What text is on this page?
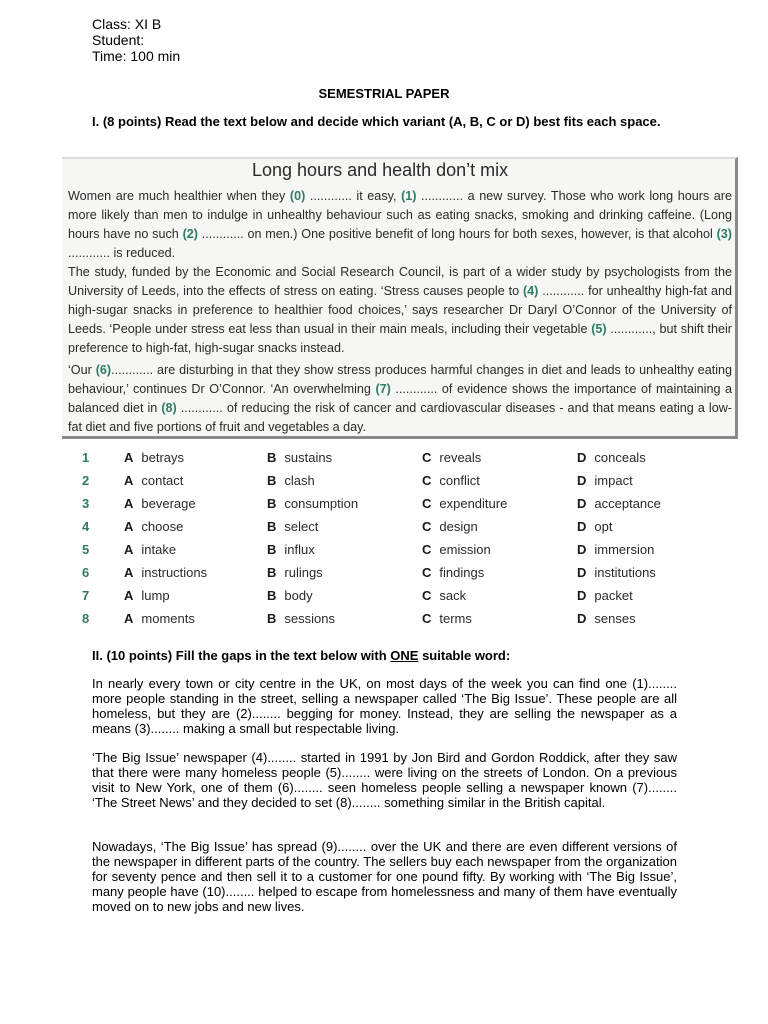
Class: XI B
Student:
Time: 100 min
SEMESTRIAL PAPER
I. (8 points) Read the text below and decide which variant (A, B, C or D) best fits each space.
Long hours and health don’t mix
Women are much healthier when they (0) ............ it easy, (1) ............ a new survey. Those who work long hours are more likely than men to indulge in unhealthy behaviour such as eating snacks, smoking and drinking caffeine. (Long hours have no such (2) ............ on men.) One positive benefit of long hours for both sexes, however, is that alcohol (3) ............ is reduced.
The study, funded by the Economic and Social Research Council, is part of a wider study by psychologists from the University of Leeds, into the effects of stress on eating. ‘Stress causes people to (4) ............ for unhealthy high-fat and high-sugar snacks in preference to healthier food choices,’ says researcher Dr Daryl O’Connor of the University of Leeds. ‘People under stress eat less than usual in their main meals, including their vegetable (5) ............, but shift their preference to high-fat, high-sugar snacks instead.
‘Our (6)............ are disturbing in that they show stress produces harmful changes in diet and leads to unhealthy eating behaviour,’ continues Dr O’Connor. ‘An overwhelming (7) ............ of evidence shows the importance of maintaining a balanced diet in (8) ............ of reducing the risk of cancer and cardiovascular diseases - and that means eating a low-fat diet and five portions of fruit and vegetables a day.
1	A betrays	B sustains	C reveals	D conceals
2	A contact	B clash	C conflict	D impact
3	A beverage	B consumption	C expenditure	D acceptance
4	A choose	B select	C design	D opt
5	A intake	B influx	C emission	D immersion
6	A instructions	B rulings	C findings	D institutions
7	A lump	B body	C sack	D packet
8	A moments	B sessions	C terms	D senses
II. (10 points) Fill the gaps in the text below with ONE suitable word:
In nearly every town or city centre in the UK, on most days of the week you can find one (1)........ more people standing in the street, selling a newspaper called ‘The Big Issue’. These people are all homeless, but they are (2)........ begging for money. Instead, they are selling the newspaper as a means (3)........ making a small but respectable living.
‘The Big Issue’ newspaper (4)........ started in 1991 by Jon Bird and Gordon Roddick, after they saw that there were many homeless people (5)........ were living on the streets of London. On a previous visit to New York, one of them (6)........ seen homeless people selling a newspaper known (7)........ ‘The Street News’ and they decided to set (8)........ something similar in the British capital.
Nowadays, ‘The Big Issue’ has spread (9)........ over the UK and there are even different versions of the newspaper in different parts of the country. The sellers buy each newspaper from the organization for seventy pence and then sell it to a customer for one pound fifty. By working with ‘The Big Issue’, many people have (10)........ helped to escape from homelessness and many of them have eventually moved on to new jobs and new lives.
